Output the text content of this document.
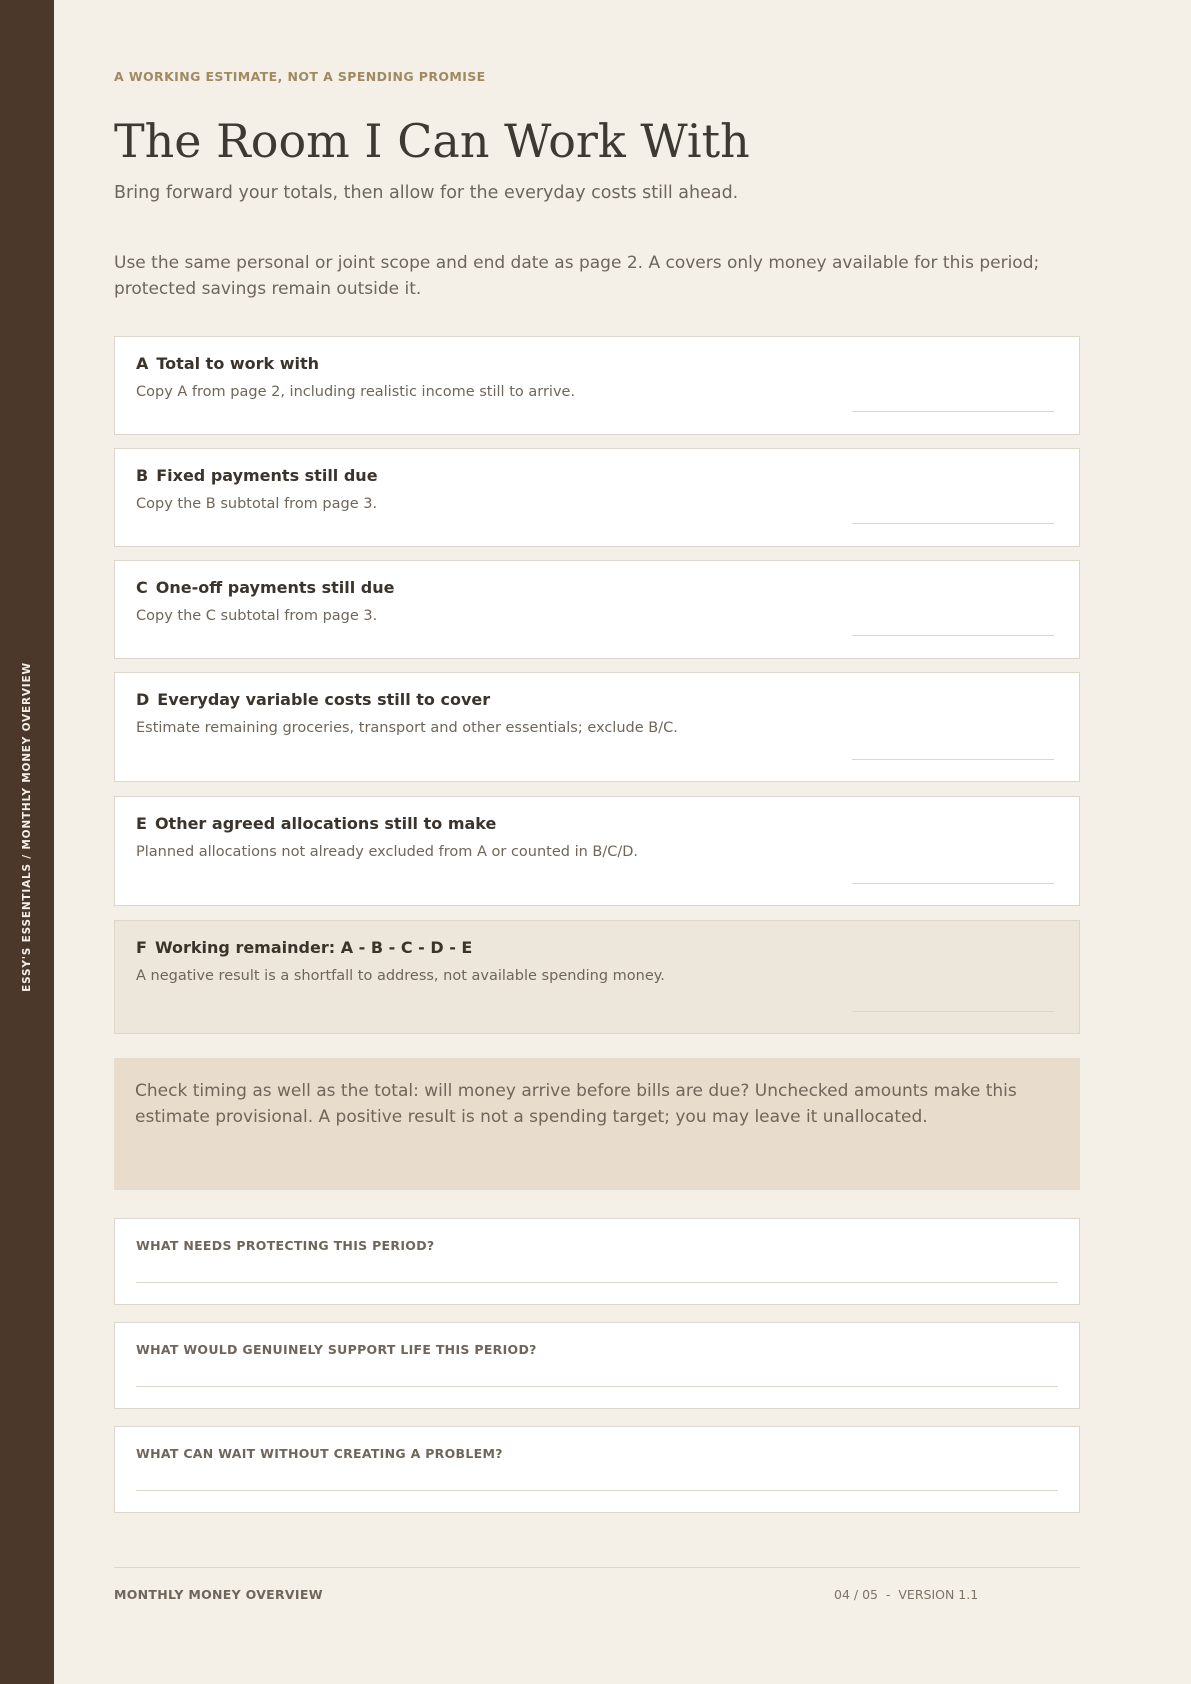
ESSY'S ESSENTIALS / MONTHLY MONEY OVERVIEW
A WORKING ESTIMATE, NOT A SPENDING PROMISE
The Room I Can Work With
Bring forward your totals, then allow for the everyday costs still ahead.
Use the same personal or joint scope and end date as page 2. A covers only money available for this period; protected savings remain outside it.
A Total to work with
Copy A from page 2, including realistic income still to arrive.
B Fixed payments still due
Copy the B subtotal from page 3.
C One-off payments still due
Copy the C subtotal from page 3.
D Everyday variable costs still to cover
Estimate remaining groceries, transport and other essentials; exclude B/C.
E Other agreed allocations still to make
Planned allocations not already excluded from A or counted in B/C/D.
F Working remainder: A - B - C - D - E
A negative result is a shortfall to address, not available spending money.
Check timing as well as the total: will money arrive before bills are due? Unchecked amounts make this estimate provisional. A positive result is not a spending target; you may leave it unallocated.
WHAT NEEDS PROTECTING THIS PERIOD?
WHAT WOULD GENUINELY SUPPORT LIFE THIS PERIOD?
WHAT CAN WAIT WITHOUT CREATING A PROBLEM?
MONTHLY MONEY OVERVIEW	04 / 05  -  VERSION 1.1
